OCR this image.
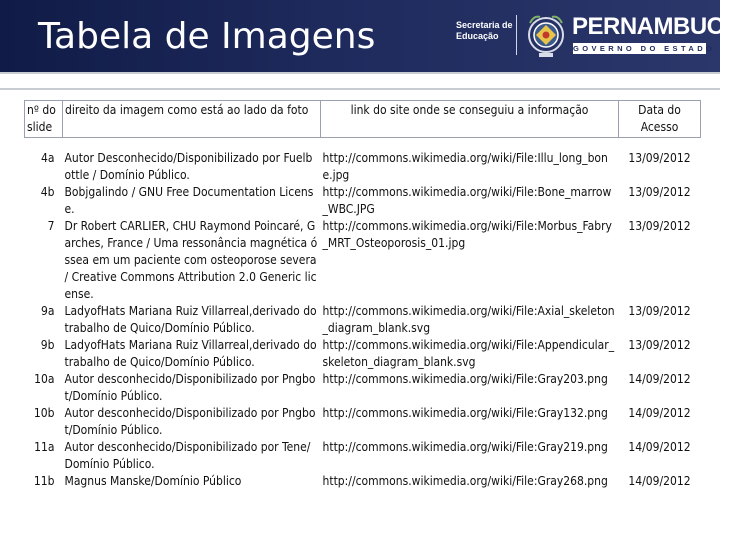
Tabela de Imagens	Secretaria de
Educação	PERNAMBUCO
GOVERNO DO ESTADO
nº do slide	direito da imagem como está ao lado da foto	link do site onde se conseguiu a informação	Data do Acesso

4a	Autor Desconhecido/Disponibilizado por Fuelbottle / Domínio Público.	http://commons.wikimedia.org/wiki/File:Illu_long_bone.jpg	13/09/2012
4b	Bobjgalindo / GNU Free Documentation License.	http://commons.wikimedia.org/wiki/File:Bone_marrow_WBC.JPG	13/09/2012
7	Dr Robert CARLIER, CHU Raymond Poincaré, Garches, France / Uma ressonância magnética óssea em um paciente com osteoporose severa / Creative Commons Attribution 2.0 Generic license.	http://commons.wikimedia.org/wiki/File:Morbus_Fabry_MRT_Osteoporosis_01.jpg	13/09/2012
9a	LadyofHats Mariana Ruiz Villarreal,derivado do trabalho de Quico/Domínio Público.	http://commons.wikimedia.org/wiki/File:Axial_skeleton_diagram_blank.svg	13/09/2012
9b	LadyofHats Mariana Ruiz Villarreal,derivado do trabalho de Quico/Domínio Público.	http://commons.wikimedia.org/wiki/File:Appendicular_skeleton_diagram_blank.svg	13/09/2012
10a	Autor desconhecido/Disponibilizado por Pngbot/Domínio Público.	http://commons.wikimedia.org/wiki/File:Gray203.png	14/09/2012
10b	Autor desconhecido/Disponibilizado por Pngbot/Domínio Público.	http://commons.wikimedia.org/wiki/File:Gray132.png	14/09/2012
11a	Autor desconhecido/Disponibilizado por Tene/Domínio Público.	http://commons.wikimedia.org/wiki/File:Gray219.png	14/09/2012
11b	Magnus Manske/Domínio Público	http://commons.wikimedia.org/wiki/File:Gray268.png	14/09/2012
